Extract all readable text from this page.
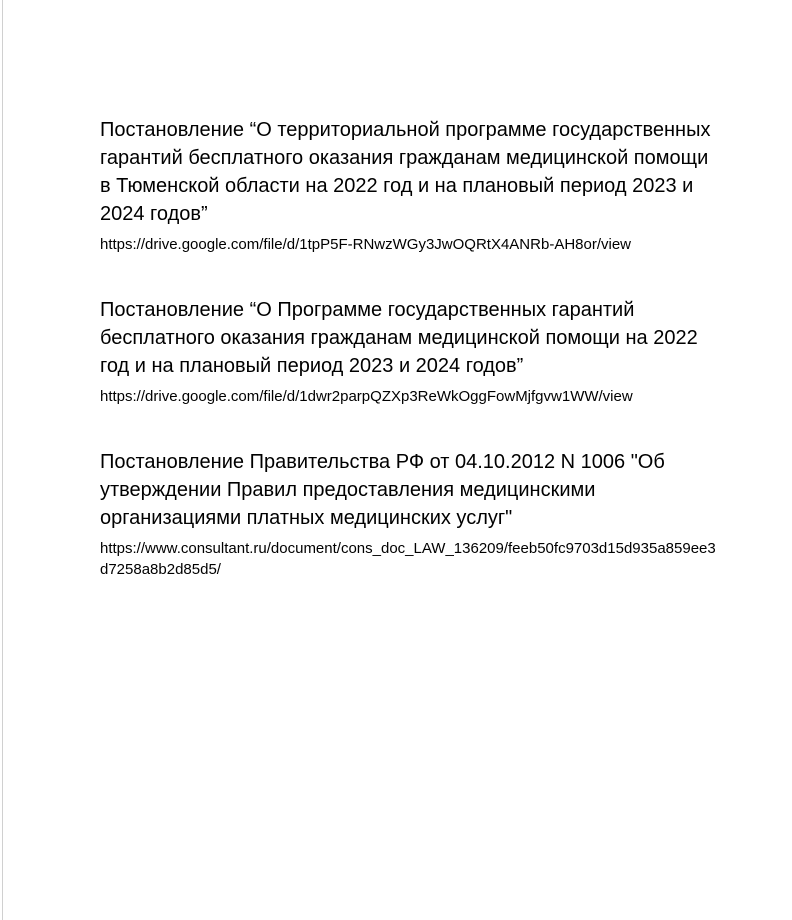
Постановление “О территориальной программе государственных гарантий бесплатного оказания гражданам медицинской помощи в Тюменской области на 2022 год и на плановый период 2023 и 2024 годов”

https://drive.google.com/file/d/1tpP5F-RNwzWGy3JwOQRtX4ANRb-AH8or/view

Постановление “О Программе государственных гарантий бесплатного оказания гражданам медицинской помощи на 2022 год и на плановый период 2023 и 2024 годов”

https://drive.google.com/file/d/1dwr2parpQZXp3ReWkOggFowMjfgvw1WW/view

Постановление Правительства РФ от 04.10.2012 N 1006 "Об утверждении Правил предоставления медицинскими организациями платных медицинских услуг"

https://www.consultant.ru/document/cons_doc_LAW_136209/feeb50fc9703d15d935a859ee3d7258a8b2d85d5/
